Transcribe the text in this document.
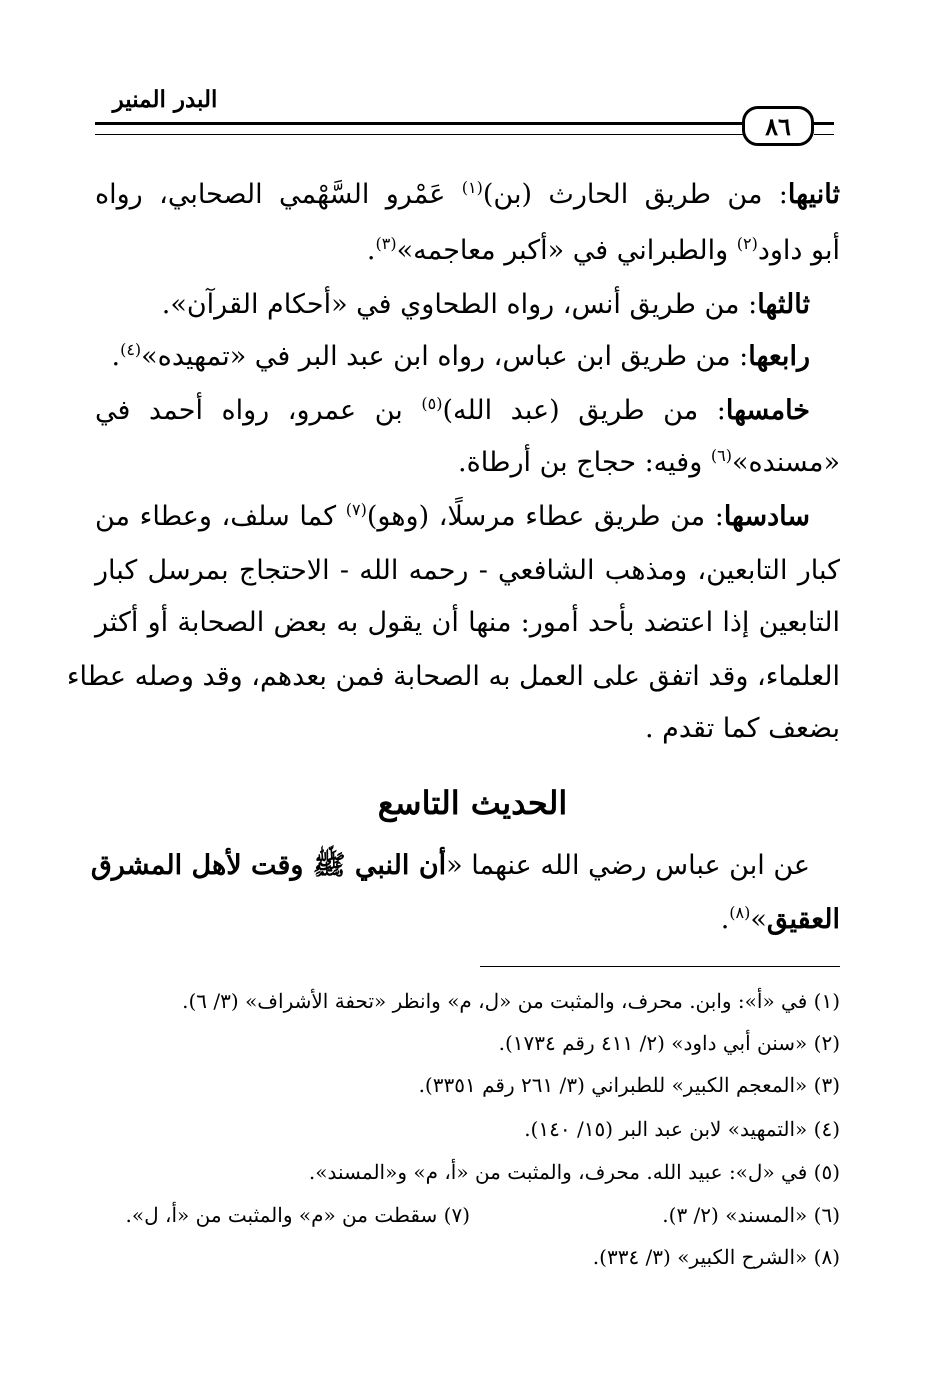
البدر المنير
٨٦
ثانيها: من طريق الحارث (بن)$^{(١)}$ عَمْرو السَّهْمي الصحابي، رواه
أبو داود$^{(٢)}$ والطبراني في «أكبر معاجمه»$^{(٣)}$.
ثالثها: من طريق أنس، رواه الطحاوي في «أحكام القرآن».
رابعها: من طريق ابن عباس، رواه ابن عبد البر في «تمهيده»$^{(٤)}$.
خامسها: من طريق (عبد الله)$^{(٥)}$ بن عمرو، رواه أحمد في
«مسنده»$^{(٦)}$ وفيه: حجاج بن أرطاة.
سادسها: من طريق عطاء مرسلًا، (وهو)$^{(٧)}$ كما سلف، وعطاء من
كبار التابعين، ومذهب الشافعي - رحمه الله - الاحتجاج بمرسل كبار
التابعين إذا اعتضد بأحد أمور: منها أن يقول به بعض الصحابة أو أكثر
العلماء، وقد اتفق على العمل به الصحابة فمن بعدهم، وقد وصله عطاء
بضعف كما تقدم .
الحديث التاسع
عن ابن عباس رضي الله عنهما «أن النبي ﷺ وقت لأهل المشرق
العقيق»$^{(٨)}$.
(١) في «أ»: وابن. محرف، والمثبت من «ل، م» وانظر «تحفة الأشراف» (٣/ ٦).
(٢) «سنن أبي داود» (٢/ ٤١١ رقم ١٧٣٤).
(٣) «المعجم الكبير» للطبراني (٣/ ٢٦١ رقم ٣٣٥١).
(٤) «التمهيد» لابن عبد البر (١٥/ ١٤٠).
(٥) في «ل»: عبيد الله. محرف، والمثبت من «أ، م» و«المسند».
(٦) «المسند» (٢/ ٣).
(٧) سقطت من «م» والمثبت من «أ، ل».
(٨) «الشرح الكبير» (٣/ ٣٣٤).
